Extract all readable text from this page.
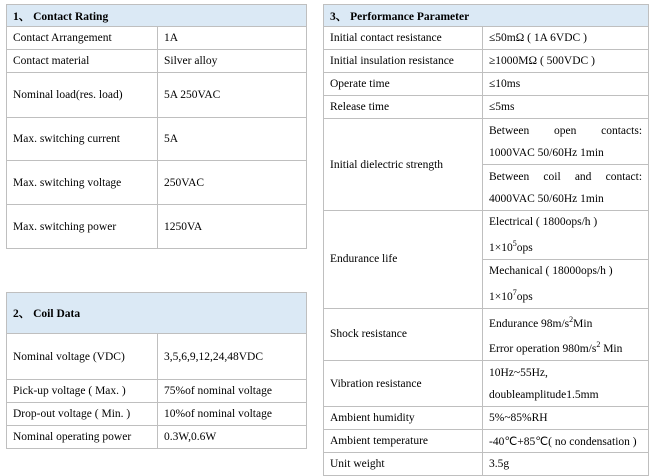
1、 Contact Rating	
Contact Arrangement	1A
Contact material	Silver alloy
Nominal load(res. load)	5A 250VAC
Max. switching current	5A
Max. switching voltage	250VAC
Max. switching power	1250VA
2、 Coil Data	
Nominal voltage (VDC)	3,5,6,9,12,24,48VDC
Pick-up voltage ( Max. )	75%of nominal voltage
Drop-out voltage ( Min. )	10%of nominal voltage
Nominal operating power	0.3W,0.6W
3、 Performance Parameter	
Initial contact resistance	≤50mΩ ( 1A 6VDC )
Initial insulation resistance	≥1000MΩ ( 500VDC )
Operate time	≤10ms
Release time	≤5ms
Initial dielectric strength	Between open contacts:
1000VAC 50/60Hz 1min

	Between coil and contact:
4000VAC 50/60Hz 1min

Endurance life	Electrical ( 1800ops/h )
$1\times 10^5ops$

	Mechanical ( 18000ops/h )
$1\times 10^7ops$

Shock resistance	Endurance $98m/s^2Min$
Error operation $980m/s^2$ Min

Vibration resistance	10Hz~55Hz,
doubleamplitude1.5mm

Ambient humidity	5%~85%RH
Ambient temperature	-40℃+85℃( no condensation )
Unit weight	3.5g
